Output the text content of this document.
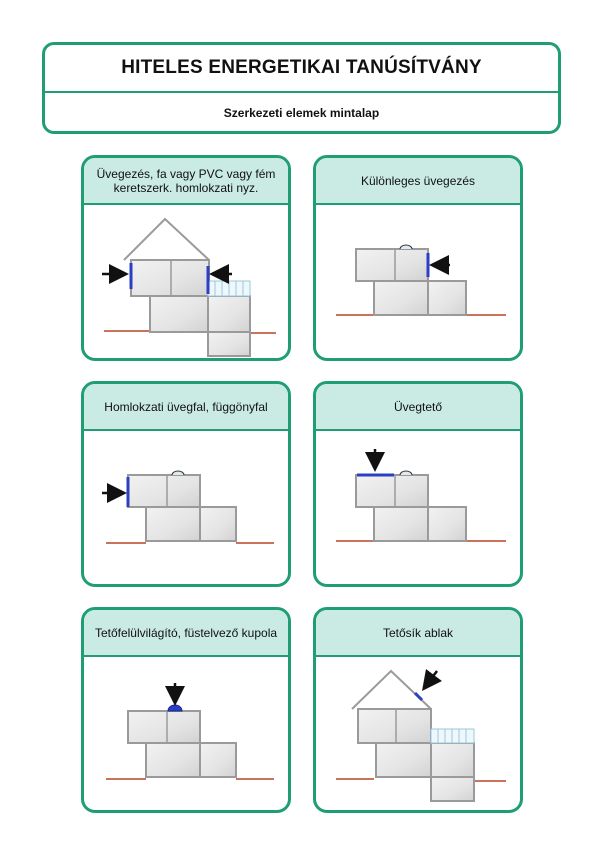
HITELES ENERGETIKAI TANÚSÍTVÁNY
Szerkezeti elemek mintalap
Üvegezés, fa vagy PVC vagy fém keretszerk. homlokzati nyz.	Különleges üvegezés
Homlokzati üvegfal, függönyfal	Üvegtető
Tetőfelülvilágító, füstelvező kupola	Tetősík ablak
